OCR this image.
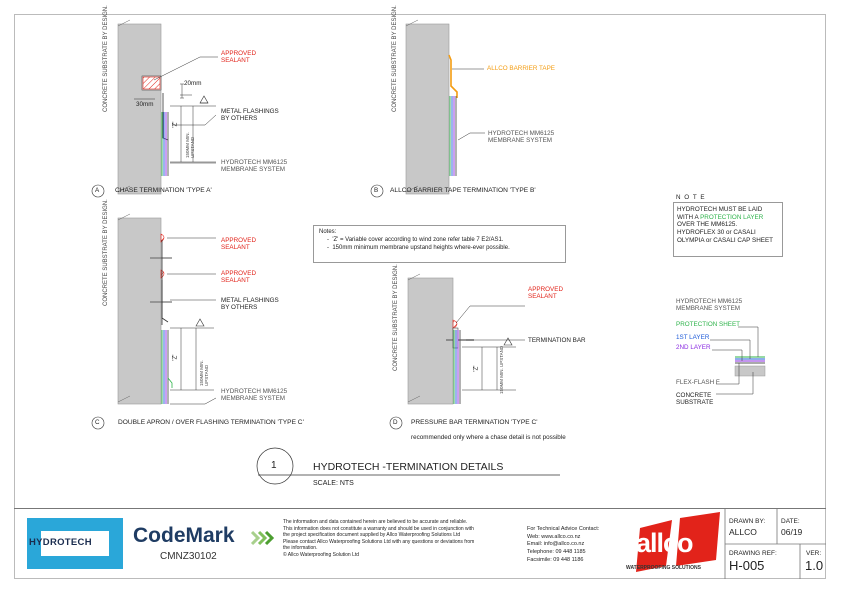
CONCRETE SUBSTRATE BY DESIGN.	APPROVED
SEALANT
20mm
30mm
'Z'
150MM MIN.
UPSTAND
METAL FLASHINGS
BY OTHERS
HYDROTECH MM6125
MEMBRANE SYSTEM
A CHASE TERMINATION 'TYPE A'
CONCRETE SUBSTRATE BY DESIGN.	ALLCO BARRIER TAPE
HYDROTECH MM6125
MEMBRANE SYSTEM
B ALLCO BARRIER TAPE TERMINATION 'TYPE B'
CONCRETE SUBSTRATE BY DESIGN.	APPROVED
SEALANT
APPROVED
SEALANT
METAL FLASHINGS
BY OTHERS
'Z'
150MM MIN.
UPSTAND
HYDROTECH MM6125
MEMBRANE SYSTEM
C	DOUBLE APRON / OVER FLASHING TERMINATION 'TYPE C'
CONCRETE SUBSTRATE BY DESIGN.	APPROVED
SEALANT
TERMINATION BAR
'Z'	150MM MIN. UPSTAND
D PRESSURE BAR TERMINATION 'TYPE C'
recommended only where a chase detail is not possible
Notes:
-  'Z' = Variable cover according to wind zone refer table 7 E2/AS1.
-  150mm minimum membrane upstand heights where-ever possible.
N O T E
HYDROTECH MUST BE LAID
WITH A PROTECTION LAYER
OVER THE MM6125.
HYDROFLEX 30 or CASALI
OLYMPIA or CASALI CAP SHEET
HYDROTECH MM6125
MEMBRANE SYSTEM
PROTECTION SHEET
1ST LAYER
2ND LAYER
FLEX-FLASH F
CONCRETE
SUBSTRATE
1	HYDROTECH -TERMINATION DETAILS
SCALE: NTS
HYDROTECH CodeMark
CMNZ30102
The information and data contained herein are believed to be accurate and reliable.
This information does not constitute a warranty and should be used in conjunction with
the project specification document supplied by Allco Waterproofing Solutions Ltd
Please contact Allco Waterproofing Solutions Ltd with any questions or deviations from
the information.
© Allco Waterproofing Solution Ltd
For Technical Advice Contact:
Web: www.allco.co.nz
Email: info@allco.co.nz
Telephone: 09 448 1185
Facsimile: 09 448 1186
allco
WATERPROOFING SOLUTIONS
DRAWN BY:
ALLCO
DATE:
06/19
DRAWING REF:
H-005
VER:
1.0
